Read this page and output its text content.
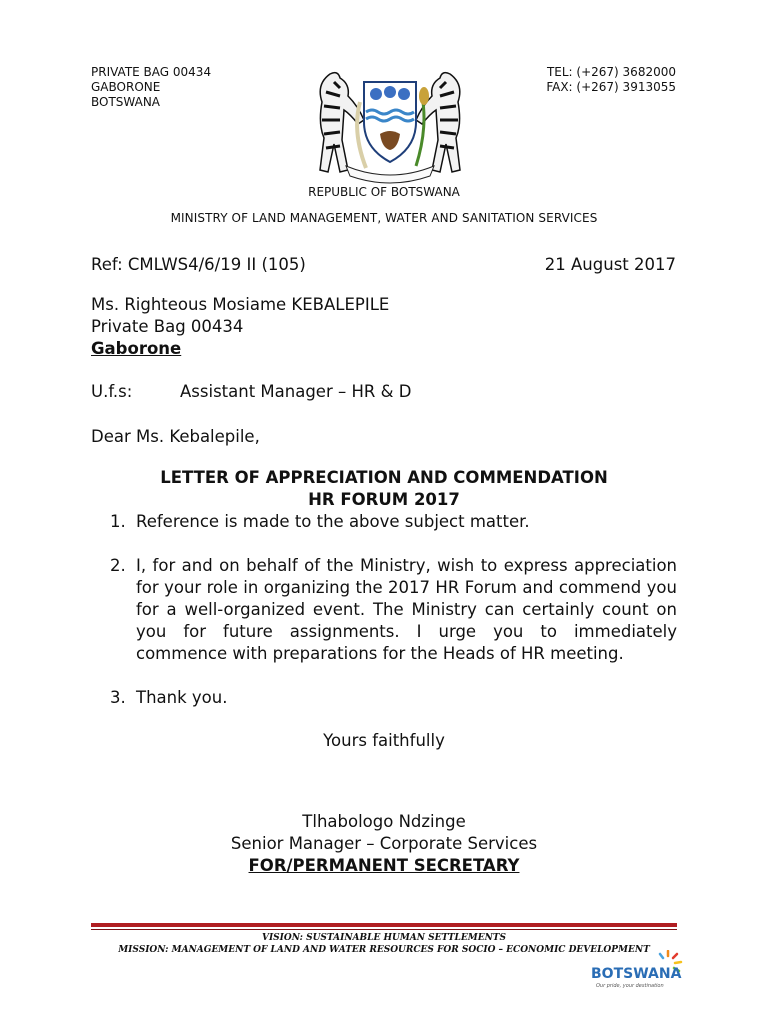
PRIVATE BAG 00434
GABORONE
BOTSWANA
TEL: (+267) 3682000
FAX: (+267) 3913055
REPUBLIC OF BOTSWANA
MINISTRY OF LAND MANAGEMENT, WATER AND SANITATION SERVICES
Ref: CMLWS4/6/19 II (105)	21 August 2017
Ms. Righteous Mosiame KEBALEPILE
Private Bag 00434
Gaborone
U.f.s:	Assistant Manager – HR & D
Dear Ms. Kebalepile,
LETTER OF APPRECIATION AND COMMENDATION
HR FORUM 2017
1. Reference is made to the above subject matter.
2. I, for and on behalf of the Ministry, wish to express appreciation for your role in organizing the 2017 HR Forum and commend you for a well-organized event. The Ministry can certainly count on you for future assignments. I urge you to immediately commence with preparations for the Heads of HR meeting.
3. Thank you.
Yours faithfully
Tlhabologo Ndzinge
Senior Manager – Corporate Services
FOR/PERMANENT SECRETARY
VISION: SUSTAINABLE HUMAN SETTLEMENTS
MISSION: MANAGEMENT OF LAND AND WATER RESOURCES FOR SOCIO – ECONOMIC DEVELOPMENT
BOTSWANA
Our pride, your destination
